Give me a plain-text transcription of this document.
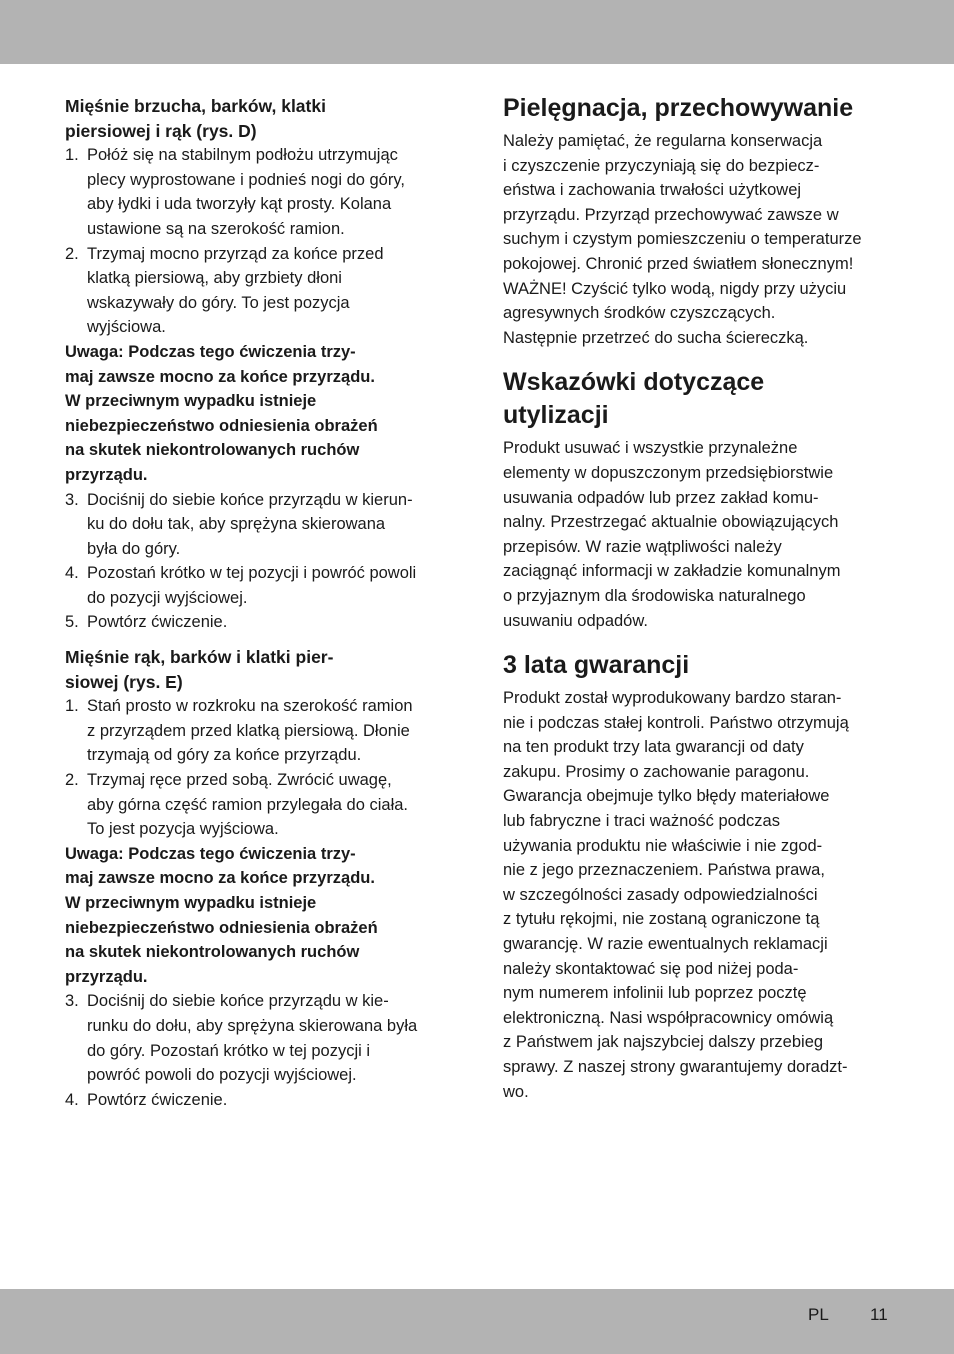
Mięśnie brzucha, barków, klatki
piersiowej i rąk (rys. D)
1. Połóż się na stabilnym podłożu utrzymując
plecy wyprostowane i podnieś nogi do góry,
aby łydki i uda tworzyły kąt prosty. Kolana
ustawione są na szerokość ramion.
2. Trzymaj mocno przyrząd za końce przed
klatką piersiową, aby grzbiety dłoni
wskazywały do góry. To jest pozycja
wyjściowa.

Uwaga: Podczas tego ćwiczenia trzy-
maj zawsze mocno za końce przyrządu.
W przeciwnym wypadku istnieje
niebezpieczeństwo odniesienia obrażeń
na skutek niekontrolowanych ruchów
przyrządu.

3. Dociśnij do siebie końce przyrządu w kierun-
ku do dołu tak, aby sprężyna skierowana
była do góry.
4. Pozostań krótko w tej pozycji i powróć powoli
do pozycji wyjściowej.
5. Powtórz ćwiczenie.
Mięśnie rąk, barków i klatki pier-
siowej (rys. E)
1. Stań prosto w rozkroku na szerokość ramion
z przyrządem przed klatką piersiową. Dłonie
trzymają od góry za końce przyrządu.
2. Trzymaj ręce przed sobą. Zwrócić uwagę,
aby górna część ramion przylegała do ciała.
To jest pozycja wyjściowa.

Uwaga: Podczas tego ćwiczenia trzy-
maj zawsze mocno za końce przyrządu.
W przeciwnym wypadku istnieje
niebezpieczeństwo odniesienia obrażeń
na skutek niekontrolowanych ruchów
przyrządu.

3. Dociśnij do siebie końce przyrządu w kie-
runku do dołu, aby sprężyna skierowana była
do góry. Pozostań krótko w tej pozycji i
powróć powoli do pozycji wyjściowej.
4. Powtórz ćwiczenie.
Pielęgnacja, przechowywanie

Należy pamiętać, że regularna konserwacja
i czyszczenie przyczyniają się do bezpiecz-
eństwa i zachowania trwałości użytkowej
przyrządu. Przyrząd przechowywać zawsze w
suchym i czystym pomieszczeniu o temperaturze
pokojowej. Chronić przed światłem słonecznym!
WAŻNE! Czyścić tylko wodą, nigdy przy użyciu
agresywnych środków czyszczących.
Następnie przetrzeć do sucha ściereczką.

Wskazówki dotyczące
utylizacji

Produkt usuwać i wszystkie przynależne
elementy w dopuszczonym przedsiębiorstwie
usuwania odpadów lub przez zakład komu-
nalny. Przestrzegać aktualnie obowiązujących
przepisów. W razie wątpliwości należy
zaciągnąć informacji w zakładzie komunalnym
o przyjaznym dla środowiska naturalnego
usuwaniu odpadów.

3 lata gwarancji

Produkt został wyprodukowany bardzo staran-
nie i podczas stałej kontroli. Państwo otrzymują
na ten produkt trzy lata gwarancji od daty
zakupu. Prosimy o zachowanie paragonu.
Gwarancja obejmuje tylko błędy materiałowe
lub fabryczne i traci ważność podczas
używania produktu nie właściwie i nie zgod-
nie z jego przeznaczeniem. Państwa prawa,
w szczególności zasady odpowiedzialności
z tytułu rękojmi, nie zostaną ograniczone tą
gwarancję. W razie ewentualnych reklamacji
należy skontaktować się pod niżej poda-
nym numerem infolinii lub poprzez pocztę
elektroniczną. Nasi współpracownicy omówią
z Państwem jak najszybciej dalszy przebieg
sprawy. Z naszej strony gwarantujemy doradzt-
wo.

PL 11
